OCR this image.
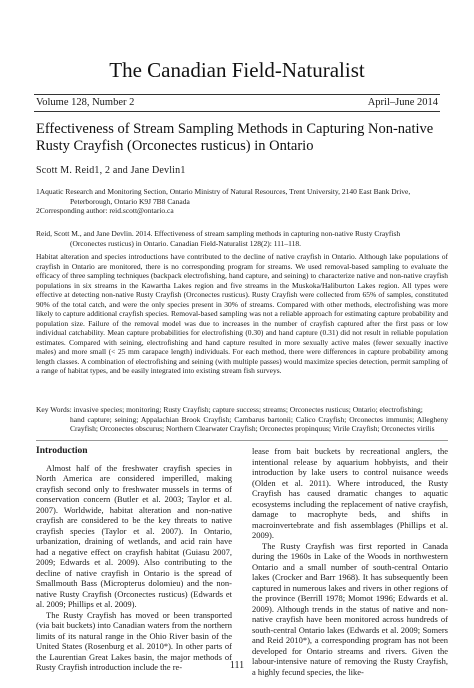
The Canadian Field-Naturalist
Volume 128, Number 2	April–June 2014
Effectiveness of Stream Sampling Methods in Capturing Non-native Rusty Crayfish (Orconectes rusticus) in Ontario
Scott M. Reid1, 2 and Jane Devlin1
1Aquatic Research and Monitoring Section, Ontario Ministry of Natural Resources, Trent University, 2140 East Bank Drive,
Peterborough, Ontario K9J 7B8 Canada
2Corresponding author: reid.scott@ontario.ca
Reid, Scott M., and Jane Devlin. 2014. Effectiveness of stream sampling methods in capturing non-native Rusty Crayfish
(Orconectes rusticus) in Ontario. Canadian Field-Naturalist 128(2): 111–118.
Habitat alteration and species introductions have contributed to the decline of native crayfish in Ontario. Although lake populations of crayfish in Ontario are monitored, there is no corresponding program for streams. We used removal-based sampling to evaluate the efficacy of three sampling techniques (backpack electrofishing, hand capture, and seining) to characterize native and non-native crayfish populations in six streams in the Kawartha Lakes region and five streams in the Muskoka/Haliburton Lakes region. All types were effective at detecting non-native Rusty Crayfish (Orconectes rusticus). Rusty Crayfish were collected from 65% of samples, constituted 90% of the total catch, and were the only species present in 30% of streams. Compared with other methods, electrofishing was more likely to capture additional crayfish species. Removal-based sampling was not a reliable approach for estimating capture probability and population size. Failure of the removal model was due to increases in the number of crayfish captured after the first pass or low individual catchability. Mean capture probabilities for electrofishing (0.30) and hand capture (0.31) did not result in reliable population estimates. Compared with seining, electrofishing and hand capture resulted in more sexually active males (fewer sexually inactive males) and more small (< 25 mm carapace length) individuals. For each method, there were differences in capture probability among length classes. A combination of electrofishing and seining (with multiple passes) would maximize species detection, permit sampling of a range of habitat types, and be easily integrated into existing stream fish surveys.
Key Words: invasive species; monitoring; Rusty Crayfish; capture success; streams; Orconectes rusticus; Ontario; electrofishing;
hand capture; seining; Appalachian Brook Crayfish; Cambarus bartonii; Calico Crayfish; Orconectes immunis; Allegheny Crayfish; Orconectes obscurus; Northern Clearwater Crayfish; Orconectes propinquus; Virile Crayfish; Orconectes virilis
Introduction

Almost half of the freshwater crayfish species in North America are considered imperilled, making crayfish second only to freshwater mussels in terms of conservation concern (Butler et al. 2003; Taylor et al. 2007). Worldwide, habitat alteration and non-native crayfish are considered to be the key threats to native crayfish species (Taylor et al. 2007). In Ontario, urbanization, draining of wetlands, and acid rain have had a negative effect on crayfish habitat (Guiasu 2007, 2009; Edwards et al. 2009). Also contributing to the decline of native crayfish in Ontario is the spread of Smallmouth Bass (Micropterus dolomieu) and the non-native Rusty Crayfish (Orconectes rusticus) (Edwards et al. 2009; Phillips et al. 2009).

The Rusty Crayfish has moved or been transported (via bait buckets) into Canadian waters from the northern limits of its natural range in the Ohio River basin of the United States (Rosenburg et al. 2010*). In other parts of the Laurentian Great Lakes basin, the major methods of Rusty Crayfish introduction include the re-

lease from bait buckets by recreational anglers, the intentional release by aquarium hobbyists, and their introduction by lake users to control nuisance weeds (Olden et al. 2011). Where introduced, the Rusty Crayfish has caused dramatic changes to aquatic ecosystems including the replacement of native crayfish, damage to macrophyte beds, and shifts in macroinvertebrate and fish assemblages (Phillips et al. 2009).

The Rusty Crayfish was first reported in Canada during the 1960s in Lake of the Woods in northwestern Ontario and a small number of south-central Ontario lakes (Crocker and Barr 1968). It has subsequently been captured in numerous lakes and rivers in other regions of the province (Berrill 1978; Momot 1996; Edwards et al. 2009). Although trends in the status of native and non-native crayfish have been monitored across hundreds of south-central Ontario lakes (Edwards et al. 2009; Somers and Reid 2010*), a corresponding program has not been developed for Ontario streams and rivers. Given the labour-intensive nature of removing the Rusty Crayfish, a highly fecund species, the like-

111
